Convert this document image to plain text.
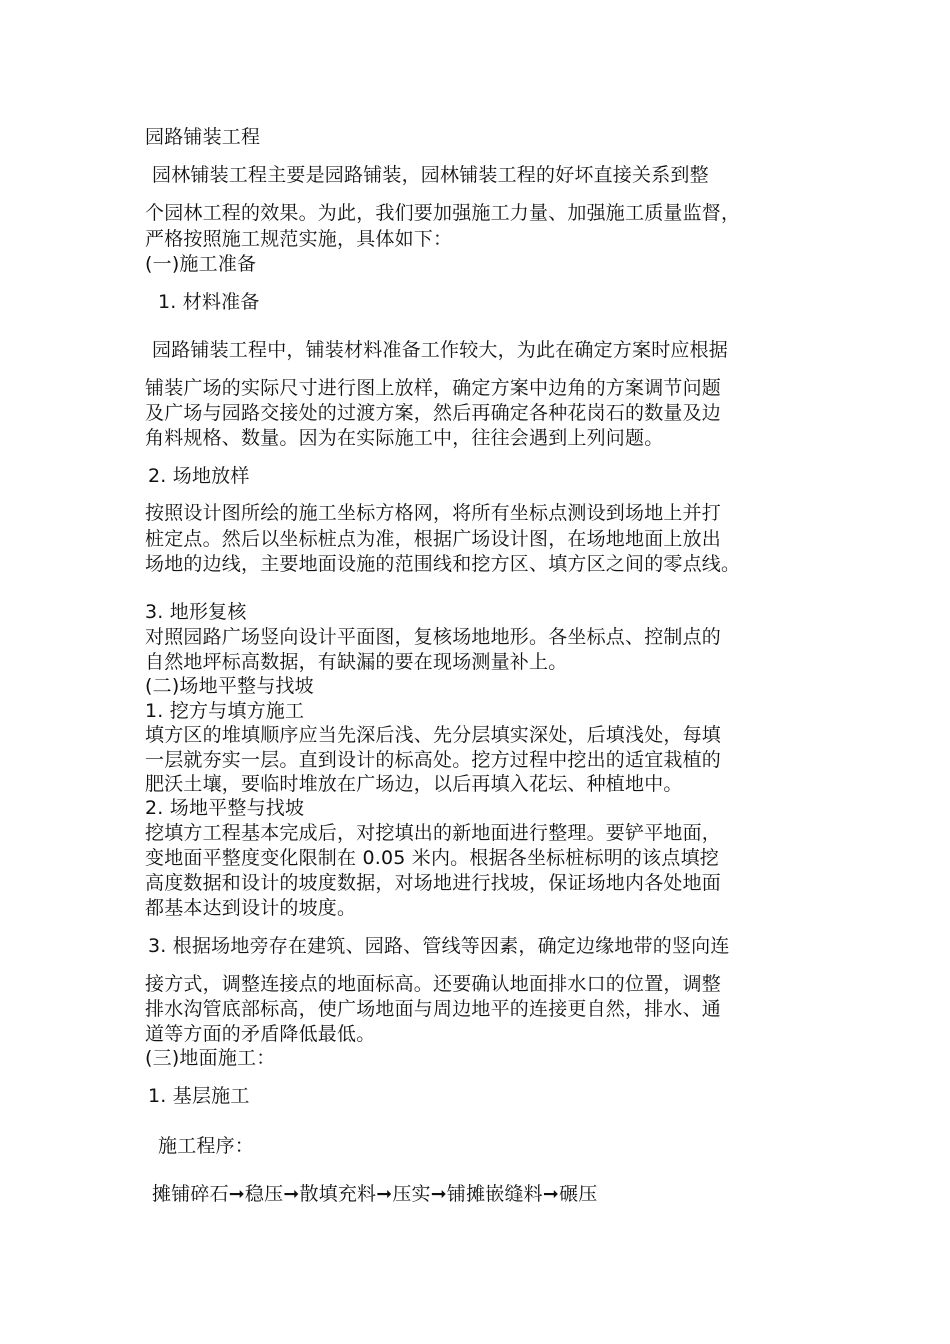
园路铺装工程
园林铺装工程主要是园路铺装，园林铺装工程的好坏直接关系到整
个园林工程的效果。为此，我们要加强施工力量、加强施工质量监督，
严格按照施工规范实施，具体如下：
(一)施工准备
1. 材料准备
园路铺装工程中，铺装材料准备工作较大，为此在确定方案时应根据
铺装广场的实际尺寸进行图上放样，确定方案中边角的方案调节问题
及广场与园路交接处的过渡方案，然后再确定各种花岗石的数量及边
角料规格、数量。因为在实际施工中，往往会遇到上列问题。
2. 场地放样
按照设计图所绘的施工坐标方格网，将所有坐标点测设到场地上并打
桩定点。然后以坐标桩点为准，根据广场设计图，在场地地面上放出
场地的边线，主要地面设施的范围线和挖方区、填方区之间的零点线。
3. 地形复核
对照园路广场竖向设计平面图，复核场地地形。各坐标点、控制点的
自然地坪标高数据，有缺漏的要在现场测量补上。
(二)场地平整与找坡
1. 挖方与填方施工
填方区的堆填顺序应当先深后浅、先分层填实深处，后填浅处，每填
一层就夯实一层。直到设计的标高处。挖方过程中挖出的适宜栽植的
肥沃土壤，要临时堆放在广场边，以后再填入花坛、种植地中。
2. 场地平整与找坡
挖填方工程基本完成后，对挖填出的新地面进行整理。要铲平地面，
变地面平整度变化限制在 0.05 米内。根据各坐标桩标明的该点填挖
高度数据和设计的坡度数据，对场地进行找坡，保证场地内各处地面
都基本达到设计的坡度。
3. 根据场地旁存在建筑、园路、管线等因素，确定边缘地带的竖向连
接方式，调整连接点的地面标高。还要确认地面排水口的位置，调整
排水沟管底部标高，使广场地面与周边地平的连接更自然，排水、通
道等方面的矛盾降低最低。
(三)地面施工：
1. 基层施工
施工程序：
摊铺碎石➞稳压➞散填充料➞压实➞铺摊嵌缝料➞碾压
